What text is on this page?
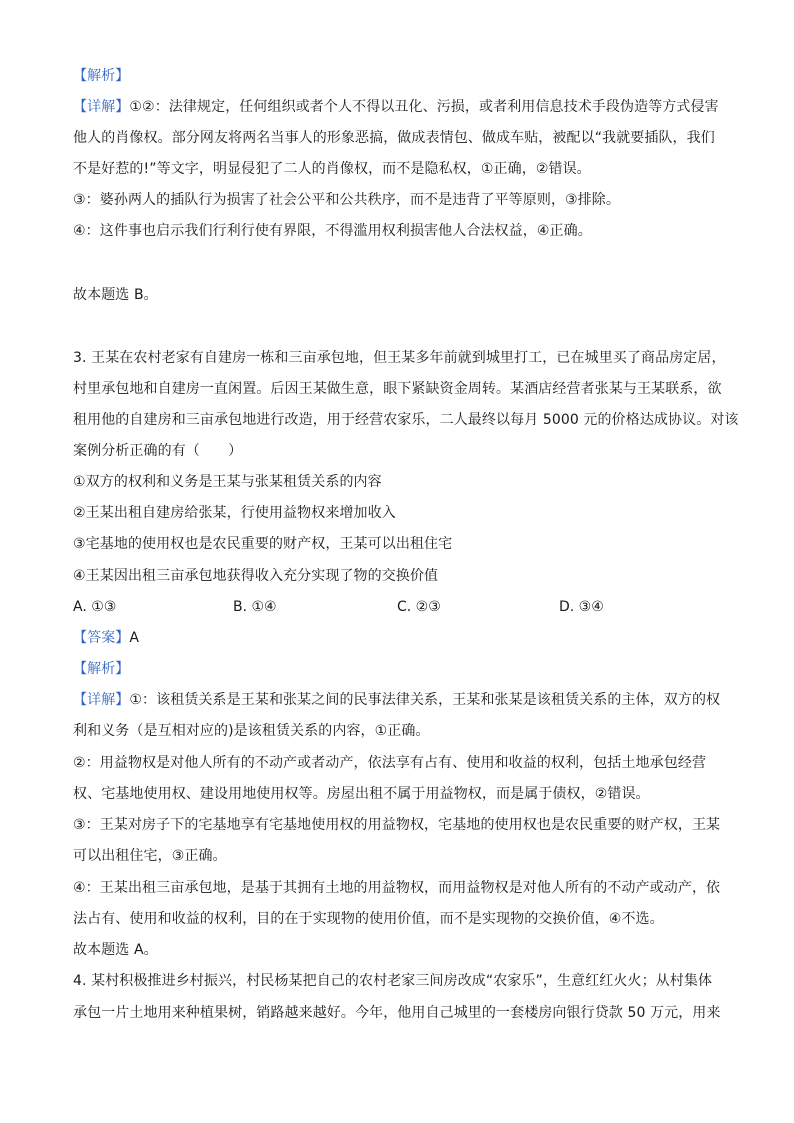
【解析】
【详解】①②：法律规定，任何组织或者个人不得以丑化、污损，或者利用信息技术手段伪造等方式侵害
他人的肖像权。部分网友将两名当事人的形象恶搞，做成表情包、做成车贴，被配以“我就要插队，我们
不是好惹的!”等文字，明显侵犯了二人的肖像权，而不是隐私权，①正确，②错误。
③：婆孙两人的插队行为损害了社会公平和公共秩序，而不是违背了平等原则，③排除。
④：这件事也启示我们行利行使有界限，不得滥用权利损害他人合法权益，④正确。
故本题选 B。
3. 王某在农村老家有自建房一栋和三亩承包地，但王某多年前就到城里打工，已在城里买了商品房定居，
村里承包地和自建房一直闲置。后因王某做生意，眼下紧缺资金周转。某酒店经营者张某与王某联系，欲
租用他的自建房和三亩承包地进行改造，用于经营农家乐，二人最终以每月 5000 元的价格达成协议。对该
案例分析正确的有（　　）
①双方的权利和义务是王某与张某租赁关系的内容
②王某出租自建房给张某，行使用益物权来增加收入
③宅基地的使用权也是农民重要的财产权，王某可以出租住宅
④王某因出租三亩承包地获得收入充分实现了物的交换价值
A. ①③	B. ①④	C. ②③	D. ③④
【答案】A
【解析】
【详解】①：该租赁关系是王某和张某之间的民事法律关系，王某和张某是该租赁关系的主体，双方的权
利和义务（是互相对应的)是该租赁关系的内容，①正确。
②：用益物权是对他人所有的不动产或者动产，依法享有占有、使用和收益的权利，包括土地承包经营
权、宅基地使用权、建设用地使用权等。房屋出租不属于用益物权，而是属于债权，②错误。
③：王某对房子下的宅基地享有宅基地使用权的用益物权，宅基地的使用权也是农民重要的财产权，王某
可以出租住宅，③正确。
④：王某出租三亩承包地，是基于其拥有土地的用益物权，而用益物权是对他人所有的不动产或动产，依
法占有、使用和收益的权利，目的在于实现物的使用价值，而不是实现物的交换价值，④不选。
故本题选 A。
4. 某村积极推进乡村振兴，村民杨某把自己的农村老家三间房改成“农家乐”，生意红红火火；从村集体
承包一片土地用来种植果树，销路越来越好。今年，他用自己城里的一套楼房向银行贷款 50 万元，用来
